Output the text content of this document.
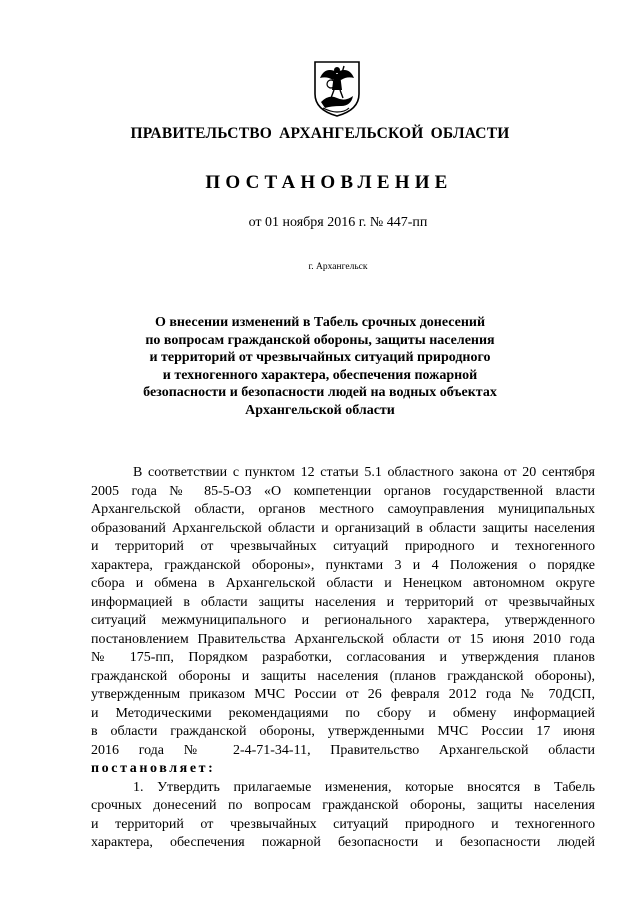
ПРАВИТЕЛЬСТВО АРХАНГЕЛЬСКОЙ ОБЛАСТИ
ПОСТАНОВЛЕНИЕ
от 01 ноября 2016 г. № 447-пп
г. Архангельск
О внесении изменений в Табель срочных донесений
по вопросам гражданской обороны, защиты населения
и территорий от чрезвычайных ситуаций природного
и техногенного характера, обеспечения пожарной
безопасности и безопасности людей на водных объектах
Архангельской области
В соответствии с пунктом 12 статьи 5.1 областного закона от 20 сентября
2005 года № 85-5-ОЗ «О компетенции органов государственной власти
Архангельской области, органов местного самоуправления муниципальных
образований Архангельской области и организаций в области защиты населения
и территорий от чрезвычайных ситуаций природного и техногенного
характера, гражданской обороны», пунктами 3 и 4 Положения о порядке
сбора и обмена в Архангельской области и Ненецком автономном округе
информацией в области защиты населения и территорий от чрезвычайных
ситуаций межмуниципального и регионального характера, утвержденного
постановлением Правительства Архангельской области от 15 июня 2010 года
№ 175-пп, Порядком разработки, согласования и утверждения планов
гражданской обороны и защиты населения (планов гражданской обороны),
утвержденным приказом МЧС России от 26 февраля 2012 года № 70ДСП,
и Методическими рекомендациями по сбору и обмену информацией
в области гражданской обороны, утвержденными МЧС России 17 июня
2016 года № 2-4-71-34-11, Правительство Архангельской области
постановляет:
1. Утвердить прилагаемые изменения, которые вносятся в Табель
срочных донесений по вопросам гражданской обороны, защиты населения
и территорий от чрезвычайных ситуаций природного и техногенного
характера, обеспечения пожарной безопасности и безопасности людей
